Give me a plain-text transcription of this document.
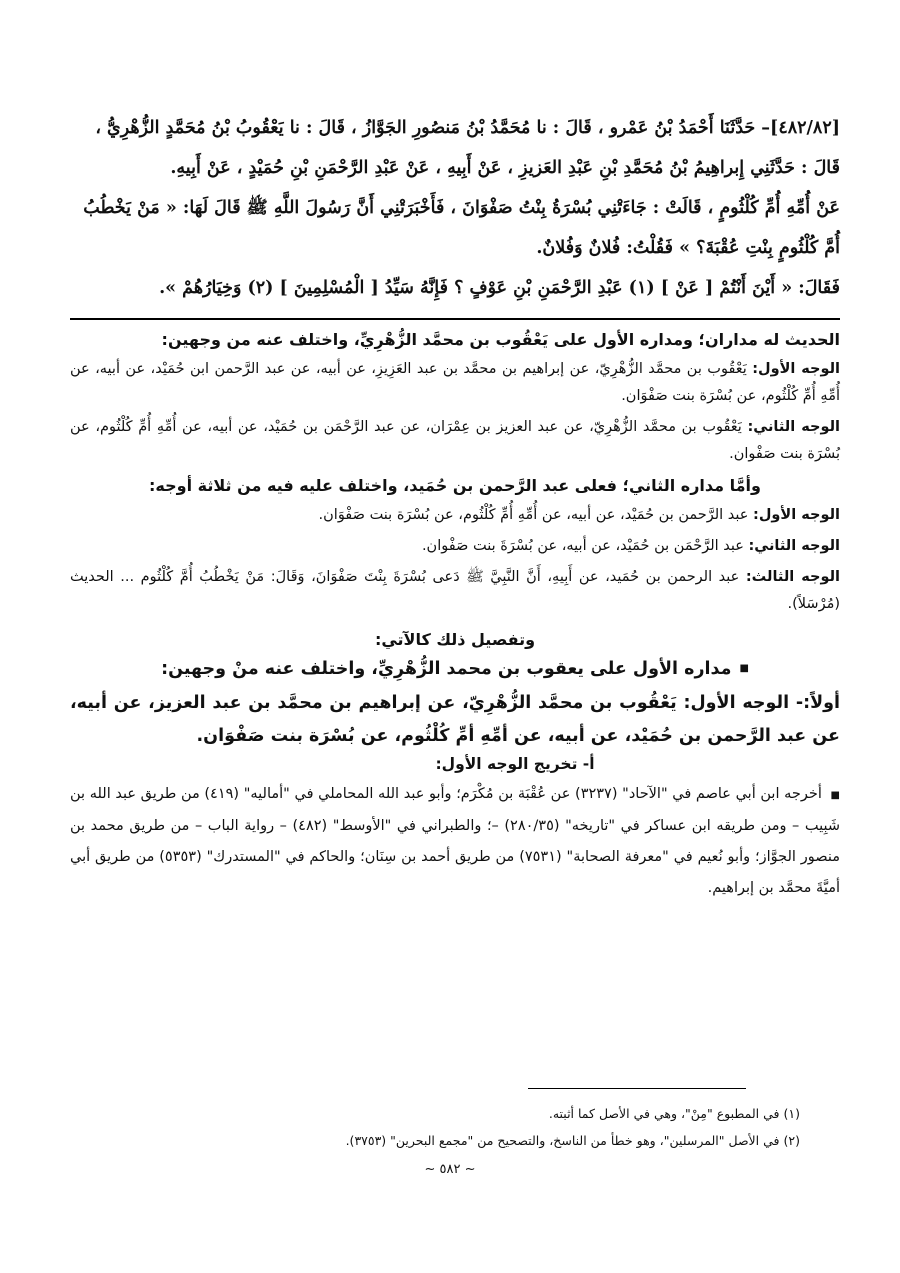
[٤٨٢/٨٢]– حَدَّثَنَا أَحْمَدُ بْنُ عَمْرو ، قَالَ : نا مُحَمَّدُ بْنُ مَنصُورِ الجَوَّازُ ، قَالَ : نا يَعْقُوبُ بْنُ مُحَمَّدٍ الزُّهْرِيُّ ،

قَالَ : حَدَّثَنِي إِبراهِيمُ بْنُ مُحَمَّدِ بْنِ عَبْدِ العَزيزِ ، عَنْ أَبِيهِ ، عَنْ عَبْدِ الرَّحْمَنِ بْنِ حُمَيْدٍ ، عَنْ أَبِيهِ.

عَنْ أُمِّهِ أُمِّ كُلْثُومٍ ، قَالَتْ : جَاءَتْنِي بُسْرَةُ بِنْتُ صَفْوَانَ ، فَأَخْبَرَتْنِي أَنَّ رَسُولَ اللَّهِ ﷺ قَالَ لَهَا: « مَنْ يَخْطُبُ

أُمَّ كُلْثُومٍ بِنْتِ عُقْبَةَ؟ » فَقُلْتُ: فُلانٌ وَفُلانٌ.

فَقَالَ: « أَيْنَ أَنْتُمْ [ عَنْ ] (١) عَبْدِ الرَّحْمَنِ بْنِ عَوْفٍ ؟ فَإِنَّهُ سَيِّدُ [ الْمُسْلِمِينَ ] (٢) وَخِيَارُهُمْ ».

الحديث له مداران؛ ومداره الأول على يَعْقُوب بن محمَّد الزُّهْرِيِّ، واختلف عنه من وجهين:

الوجه الأول: يَعْقُوب بن محمَّد الزُّهْرِيّ، عن إبراهيم بن محمَّد بن عبد العَزِيزِ، عن أبيه، عن عبد الرَّحمن ابن حُمَيْد، عن أبيه، عن أُمِّهِ أُمِّ كُلْثُوم، عن بُسْرَة بنت صَفْوَان.

الوجه الثاني: يَعْقُوب بن محمَّد الزُّهْرِيّ، عن عبد العزيز بن عِمْرَان، عن عبد الرَّحْمَن بن حُمَيْد، عن أبيه، عن أُمِّهِ أُمِّ كُلْثُوم، عن بُسْرَة بنت صَفْوان.

وأمَّا مداره الثاني؛ فعلى عبد الرَّحمن بن حُمَيد، واختلف عليه فيه من ثلاثة أوجه:

الوجه الأول: عبد الرَّحمن بن حُمَيْد، عن أبيه، عن أُمِّهِ أُمِّ كُلْثُوم، عن بُسْرَة بنت صَفْوَان.

الوجه الثاني: عبد الرَّحْمَن بن حُمَيْد، عن أبيه، عن بُسْرَةَ بنت صَفْوان.

الوجه الثالث: عبد الرحمن بن حُمَيد، عن أَبِيهِ، أَنَّ النَّبِيَّ ﷺ دَعى بُسْرَةَ بِنْتَ صَفْوَانَ، وَقَالَ: مَنْ يَخْطُبُ أُمَّ كُلْثُوم ... الحديث (مُرْسَلاً).

وتفصيل ذلك كالآتي:

■مداره الأول على يعقوب بن محمد الزُّهْرِيِّ، واختلف عنه منْ وجهين:

أولاً:- الوجه الأول: يَعْقُوب بن محمَّد الزُّهْرِيّ، عن إبراهيم بن محمَّد بن عبد العزيز، عن أبيه، عن عبد الرَّحمن بن حُمَيْد، عن أبيه، عن أمِّهِ أمِّ كُلْثُوم، عن بُسْرَة بنت صَفْوَان.

أ- تخريج الوجه الأول:

■ أخرجه ابن أبي عاصم في "الآحاد" (٣٢٣٧) عن عُقْبَة بن مُكْرَم؛ وأبو عبد الله المحاملي في "أماليه" (٤١٩) من طريق عبد الله بن شَبِيب – ومن طريقه ابن عساكر في "تاريخه" (٢٨٠/٣٥) –؛ والطبراني في "الأوسط" (٤٨٢) – رواية الباب – من طريق محمد بن منصور الجوَّاز؛ وأبو نُعيم في "معرفة الصحابة" (٧٥٣١) من طريق أحمد بن سِنَان؛ والحاكم في "المستدرك" (٥٣٥٣) من طريق أبي أميَّةَ محمَّد بن إبراهيم.

(١) في المطبوع "مِنْ"، وهي في الأصل كما أثبته.

(٢) في الأصل "المرسلين"، وهو خطأ من الناسخ، والتصحيح من "مجمع البحرين" (٣٧٥٣).

~ ٥٨٢ ~
